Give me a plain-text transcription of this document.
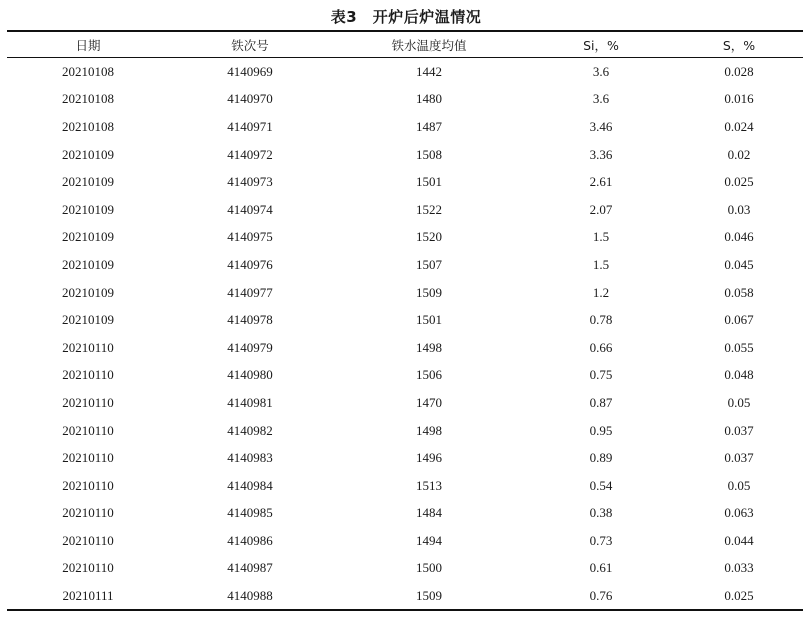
表3　开炉后炉温情况
日期	铁次号	铁水温度均值	Si，%	S，%
20210108	4140969	1442	3.6	0.028
20210108	4140970	1480	3.6	0.016
20210108	4140971	1487	3.46	0.024
20210109	4140972	1508	3.36	0.02
20210109	4140973	1501	2.61	0.025
20210109	4140974	1522	2.07	0.03
20210109	4140975	1520	1.5	0.046
20210109	4140976	1507	1.5	0.045
20210109	4140977	1509	1.2	0.058
20210109	4140978	1501	0.78	0.067
20210110	4140979	1498	0.66	0.055
20210110	4140980	1506	0.75	0.048
20210110	4140981	1470	0.87	0.05
20210110	4140982	1498	0.95	0.037
20210110	4140983	1496	0.89	0.037
20210110	4140984	1513	0.54	0.05
20210110	4140985	1484	0.38	0.063
20210110	4140986	1494	0.73	0.044
20210110	4140987	1500	0.61	0.033
20210111	4140988	1509	0.76	0.025
